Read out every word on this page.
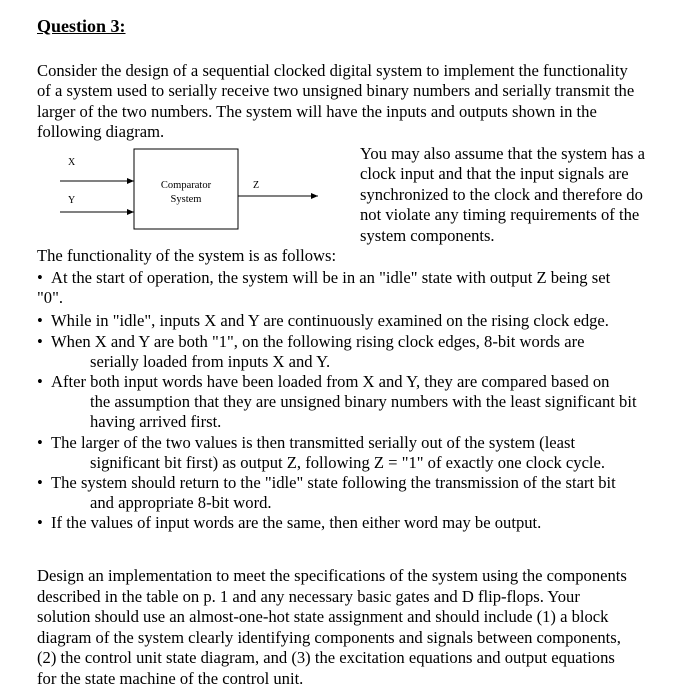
Question 3:
Consider the design of a sequential clocked digital system to implement the functionality
of a system used to serially receive two unsigned binary numbers and serially transmit the
larger of the two numbers. The system will have the inputs and outputs shown in the
following diagram.
X
Y
Comparator
System
Z
You may also assume that the system has a
clock input and that the input signals are
synchronized to the clock and therefore do
not violate any timing requirements of the
system components.
The functionality of the system is as follows:
• At the start of operation, the system will be in an "idle" state with output Z being set
"0".
• While in "idle", inputs X and Y are continuously examined on the rising clock edge.
• When X and Y are both "1", on the following rising clock edges, 8-bit words are
serially loaded from inputs X and Y.
• After both input words have been loaded from X and Y, they are compared based on
the assumption that they are unsigned binary numbers with the least significant bit
having arrived first.
• The larger of the two values is then transmitted serially out of the system (least
significant bit first) as output Z, following Z = "1" of exactly one clock cycle.
• The system should return to the "idle" state following the transmission of the start bit
and appropriate 8-bit word.
• If the values of input words are the same, then either word may be output.
Design an implementation to meet the specifications of the system using the components
described in the table on p. 1 and any necessary basic gates and D flip-flops. Your
solution should use an almost-one-hot state assignment and should include (1) a block
diagram of the system clearly identifying components and signals between components,
(2) the control unit state diagram, and (3) the excitation equations and output equations
for the state machine of the control unit.
